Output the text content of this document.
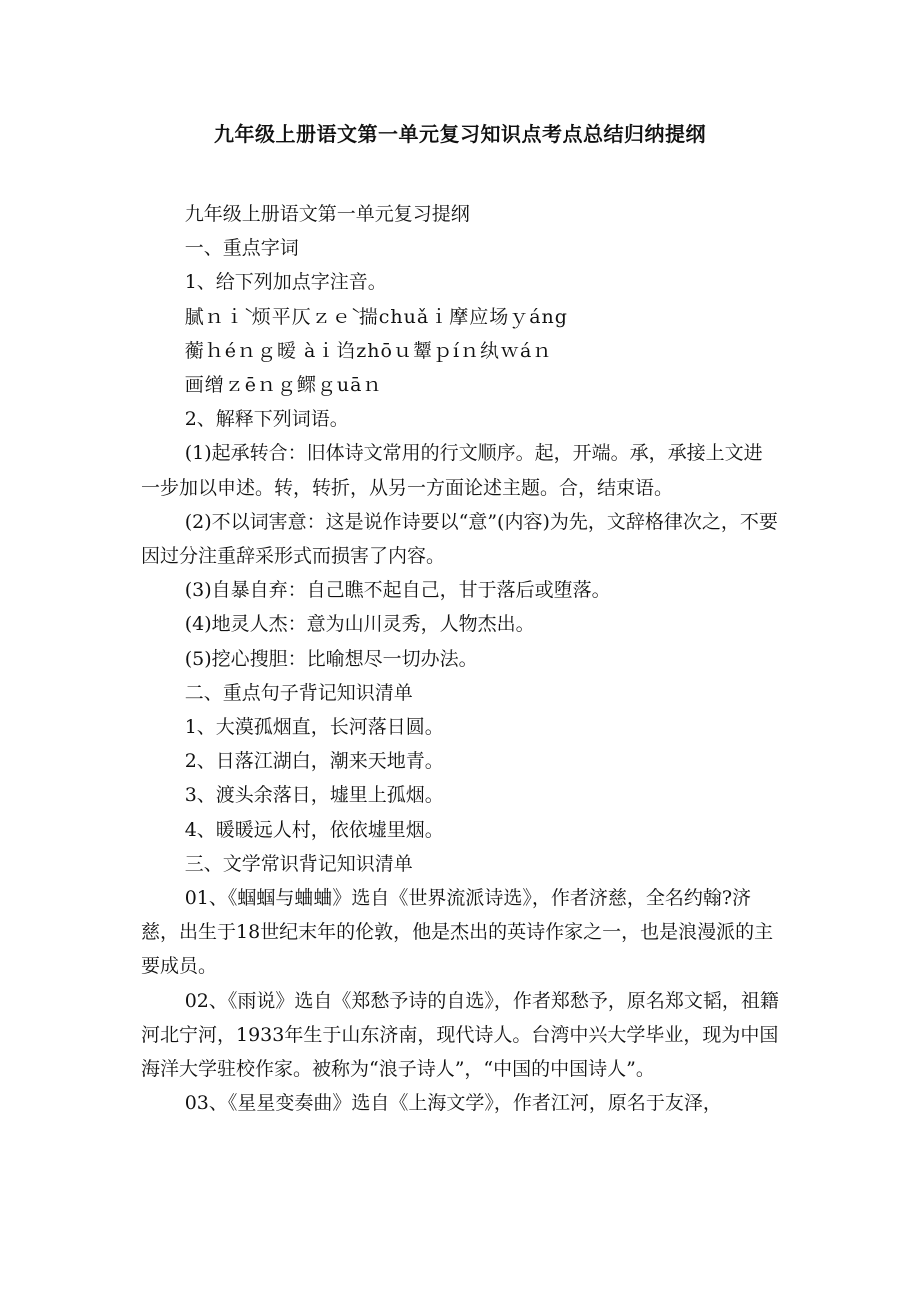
九年级上册语文第一单元复习知识点考点总结归纳提纲

九年级上册语文第一单元复习提纲

一、重点字词

1、给下列加点字注音。

腻ｎｉ̀ 烦平仄ｚｅ̀ 揣chuǎｉ摩应场ｙáng

蘅ｈéｎｇ暧 àｉ诌zhōｕ颦ｐíｎ纨ｗáｎ

画缯ｚēｎｇ鳏ｇuāｎ

2、解释下列词语。

(1)起承转合：旧体诗文常用的行文顺序。起，开端。承，承接上文进一步加以申述。转，转折，从另一方面论述主题。合，结束语。

(2)不以词害意：这是说作诗要以“意”(内容)为先，文辞格律次之，不要因过分注重辞采形式而损害了内容。

(3)自暴自弃：自己瞧不起自己，甘于落后或堕落。

(4)地灵人杰：意为山川灵秀，人物杰出。

(5)挖心搜胆：比喻想尽一切办法。

二、重点句子背记知识清单

1、大漠孤烟直，长河落日圆。

2、日落江湖白，潮来天地青。

3、渡头余落日，墟里上孤烟。

4、暖暖远人村，依依墟里烟。

三、文学常识背记知识清单

01、《蝈蝈与蛐蛐》选自《世界流派诗选》，作者济慈，全名约翰?济慈，出生于18世纪末年的伦敦，他是杰出的英诗作家之一，也是浪漫派的主要成员。

02、《雨说》选自《郑愁予诗的自选》，作者郑愁予，原名郑文韬，祖籍河北宁河，1933年生于山东济南，现代诗人。台湾中兴大学毕业，现为中国海洋大学驻校作家。被称为“浪子诗人”，“中国的中国诗人”。

03、《星星变奏曲》选自《上海文学》，作者江河，原名于友泽，
